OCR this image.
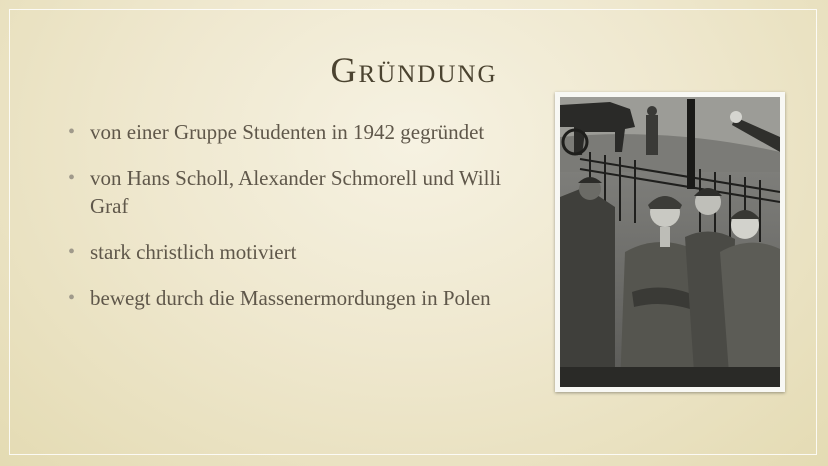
Gründung
• von einer Gruppe Studenten in 1942 gegründet
• von Hans Scholl, Alexander Schmorell und Willi Graf
• stark christlich motiviert
• bewegt durch die Massenermordungen in Polen
